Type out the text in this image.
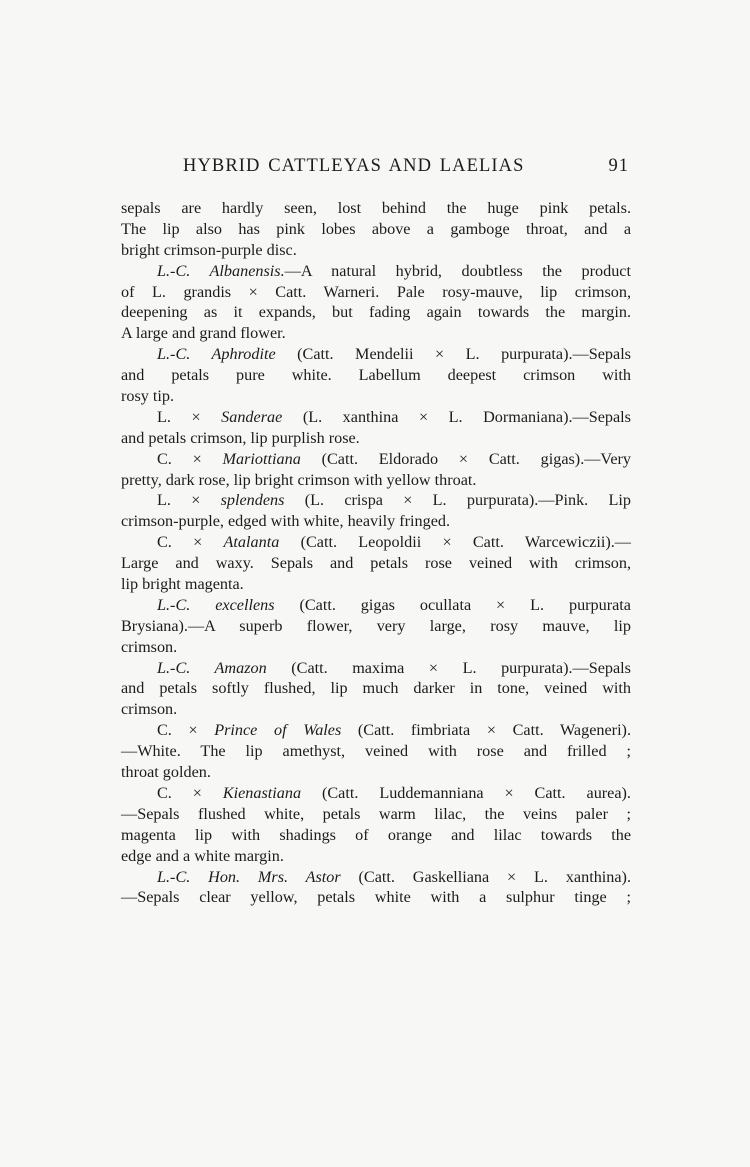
HYBRID CATTLEYAS AND LAELIAS	91
sepals are hardly seen, lost behind the huge pink petals.
The lip also has pink lobes above a gamboge throat, and a
bright crimson-purple disc.
L.-C. Albanensis.—A natural hybrid, doubtless the product
of L. grandis × Catt. Warneri. Pale rosy-mauve, lip crimson,
deepening as it expands, but fading again towards the margin.
A large and grand flower.
L.-C. Aphrodite (Catt. Mendelii × L. purpurata).—Sepals
and petals pure white. Labellum deepest crimson with
rosy tip.
L. × Sanderae (L. xanthina × L. Dormaniana).—Sepals
and petals crimson, lip purplish rose.
C. × Mariottiana (Catt. Eldorado × Catt. gigas).—Very
pretty, dark rose, lip bright crimson with yellow throat.
L. × splendens (L. crispa × L. purpurata).—Pink. Lip
crimson-purple, edged with white, heavily fringed.
C. × Atalanta (Catt. Leopoldii × Catt. Warcewiczii).—
Large and waxy. Sepals and petals rose veined with crimson,
lip bright magenta.
L.-C. excellens (Catt. gigas ocullata × L. purpurata
Brysiana).—A superb flower, very large, rosy mauve, lip
crimson.
L.-C. Amazon (Catt. maxima × L. purpurata).—Sepals
and petals softly flushed, lip much darker in tone, veined with
crimson.
C. × Prince of Wales (Catt. fimbriata × Catt. Wageneri).
—White. The lip amethyst, veined with rose and frilled ;
throat golden.
C. × Kienastiana (Catt. Luddemanniana × Catt. aurea).
—Sepals flushed white, petals warm lilac, the veins paler ;
magenta lip with shadings of orange and lilac towards the
edge and a white margin.
L.-C. Hon. Mrs. Astor (Catt. Gaskelliana × L. xanthina).
—Sepals clear yellow, petals white with a sulphur tinge ;
